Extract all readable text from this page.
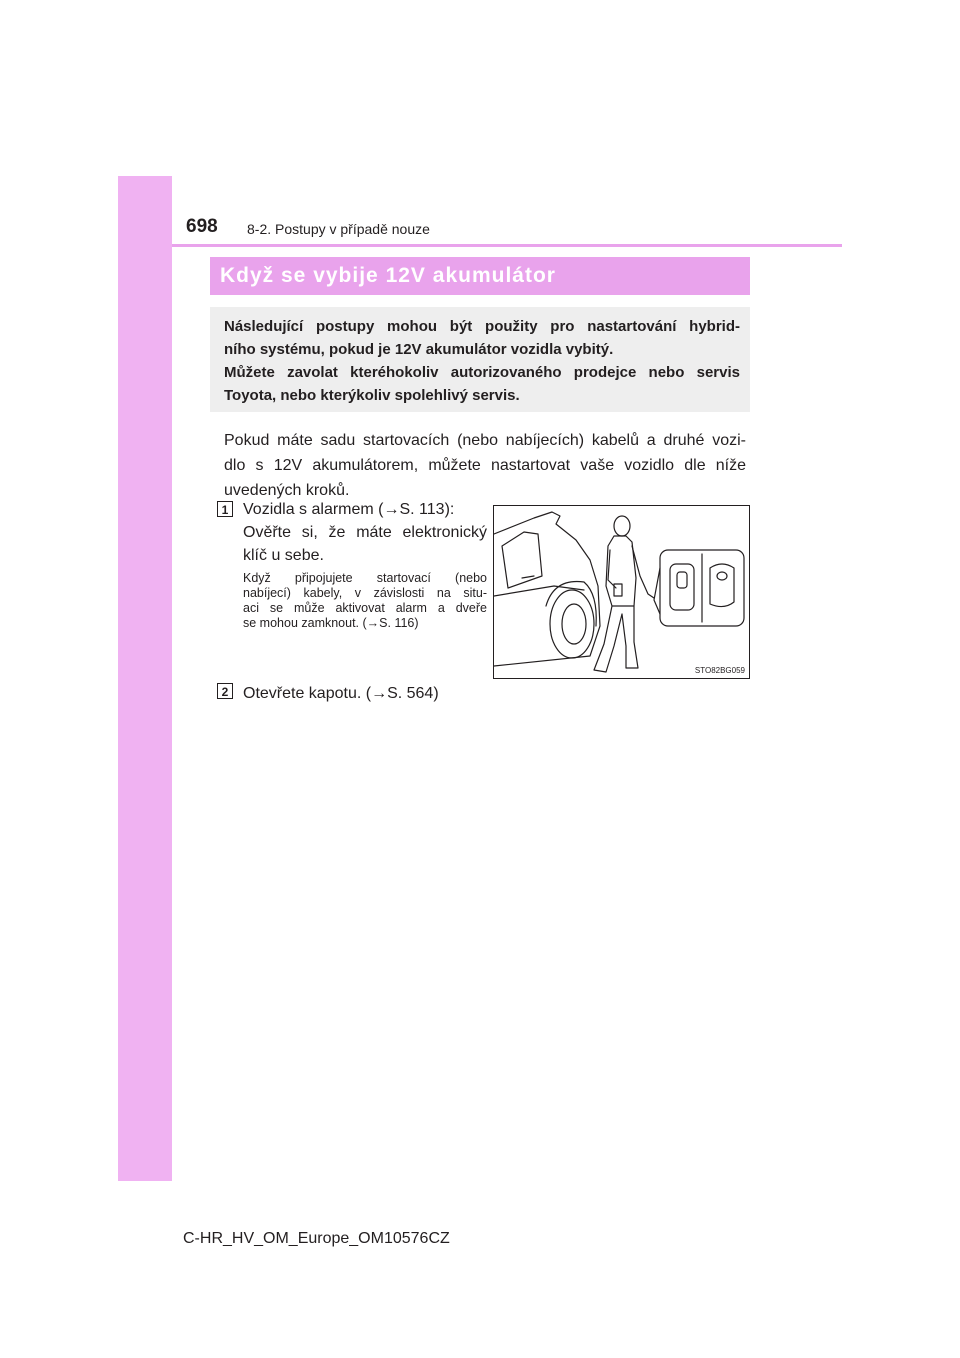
698 8-2. Postupy v případě nouze
Když se vybije 12V akumulátor
Následující postupy mohou být použity pro nastartování hybrid-
ního systému, pokud je 12V akumulátor vozidla vybitý.
Můžete zavolat kteréhokoliv autorizovaného prodejce nebo servis
Toyota, nebo kterýkoliv spolehlivý servis.
Pokud máte sadu startovacích (nebo nabíjecích) kabelů a druhé vozi-
dlo s 12V akumulátorem, můžete nastartovat vaše vozidlo dle níže
uvedených kroků.
1 Vozidla s alarmem (→S. 113):
Ověřte si, že máte elektronický
klíč u sebe.
Když připojujete startovací (nebo
nabíjecí) kabely, v závislosti na situ-
aci se může aktivovat alarm a dveře
se mohou zamknout. (→S. 116)
STO82BG059
2 Otevřete kapotu. (→S. 564)
C-HR_HV_OM_Europe_OM10576CZ
